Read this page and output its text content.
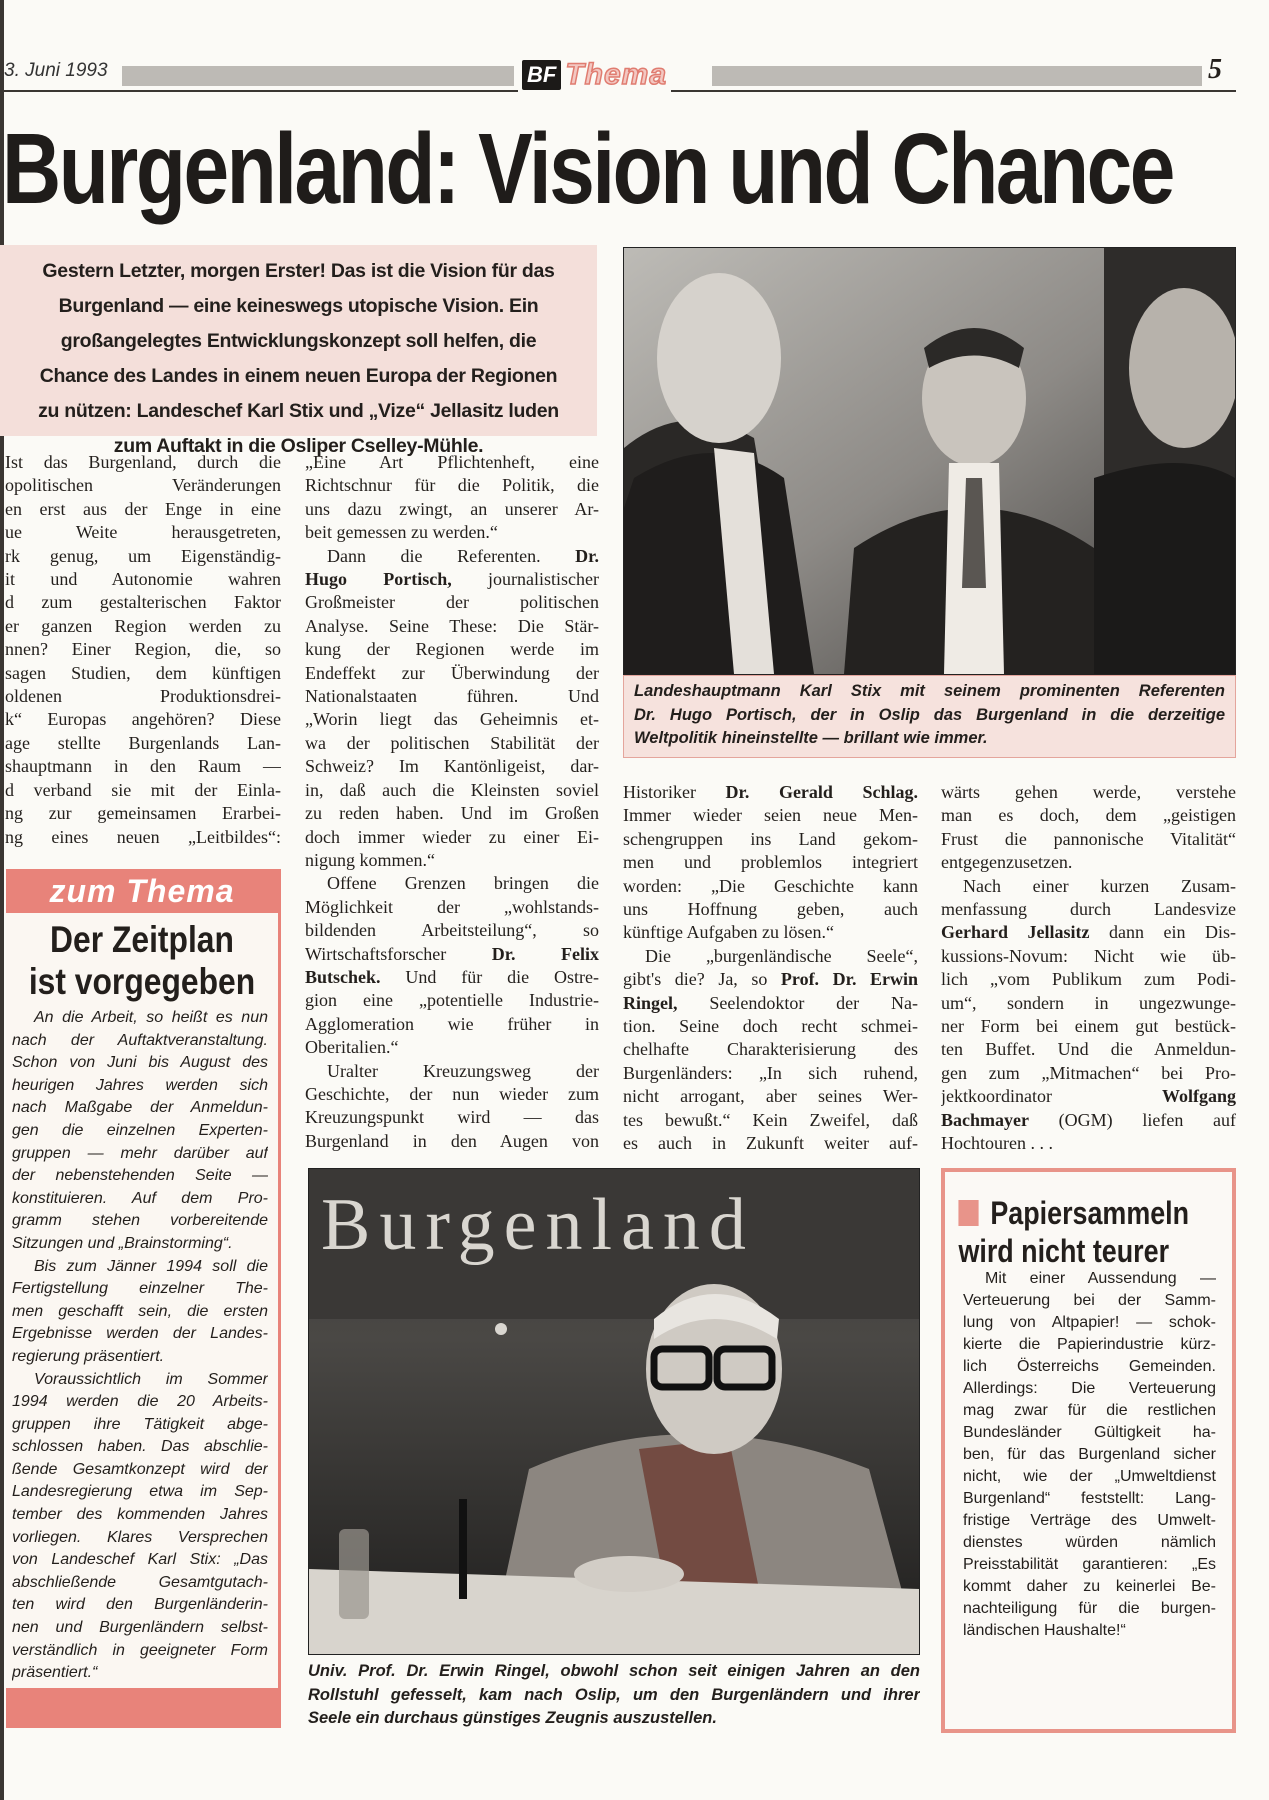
3. Juni 1993	BF Thema	5
Burgenland: Vision und Chance
Gestern Letzter, morgen Erster! Das ist die Vision für das
Burgenland — eine keineswegs utopische Vision. Ein
großangelegtes Entwicklungskonzept soll helfen, die
Chance des Landes in einem neuen Europa der Regionen
zu nützen: Landeschef Karl Stix und „Vize“ Jellasitz luden
zum Auftakt in die Osliper Cselley-Mühle.
Landeshauptmann Karl Stix mit seinem prominenten Referenten
Dr. Hugo Portisch, der in Oslip das Burgenland in die derzeitige
Weltpolitik hineinstellte — brillant wie immer.
Ist das Burgenland, durch die
opolitischen Veränderungen
en erst aus der Enge in eine
ue Weite herausgetreten,
rk genug, um Eigenständig-
it und Autonomie wahren
d zum gestalterischen Faktor
er ganzen Region werden zu
nnen? Einer Region, die, so
sagen Studien, dem künftigen
oldenen Produktionsdrei-
k“ Europas angehören? Diese
age stellte Burgenlands Lan-
shauptmann in den Raum —
d verband sie mit der Einla-
ng zur gemeinsamen Erarbei-
ng eines neuen „Leitbildes“:
„Eine Art Pflichtenheft, eine
Richtschnur für die Politik, die
uns dazu zwingt, an unserer Ar-
beit gemessen zu werden.“
Dann die Referenten. Dr.
Hugo Portisch, journalistischer
Großmeister der politischen
Analyse. Seine These: Die Stär-
kung der Regionen werde im
Endeffekt zur Überwindung der
Nationalstaaten führen. Und
„Worin liegt das Geheimnis et-
wa der politischen Stabilität der
Schweiz? Im Kantönligeist, dar-
in, daß auch die Kleinsten soviel
zu reden haben. Und im Großen
doch immer wieder zu einer Ei-
nigung kommen.“
Offene Grenzen bringen die
Möglichkeit der „wohlstands-
bildenden Arbeitsteilung“, so
Wirtschaftsforscher Dr. Felix
Butschek. Und für die Ostre-
gion eine „potentielle Industrie-
Agglomeration wie früher in
Oberitalien.“
Uralter Kreuzungsweg der
Geschichte, der nun wieder zum
Kreuzungspunkt wird — das
Burgenland in den Augen von
Historiker Dr. Gerald Schlag.
Immer wieder seien neue Men-
schengruppen ins Land gekom-
men und problemlos integriert
worden: „Die Geschichte kann
uns Hoffnung geben, auch
künftige Aufgaben zu lösen.“
Die „burgenländische Seele“,
gibt's die? Ja, so Prof. Dr. Erwin
Ringel, Seelendoktor der Na-
tion. Seine doch recht schmei-
chelhafte Charakterisierung des
Burgenländers: „In sich ruhend,
nicht arrogant, aber seines Wer-
tes bewußt.“ Kein Zweifel, daß
es auch in Zukunft weiter auf-
wärts gehen werde, verstehe
man es doch, dem „geistigen
Frust die pannonische Vitalität“
entgegenzusetzen.
Nach einer kurzen Zusam-
menfassung durch Landesvize
Gerhard Jellasitz dann ein Dis-
kussions-Novum: Nicht wie üb-
lich „vom Publikum zum Podi-
um“, sondern in ungezwunge-
ner Form bei einem gut bestück-
ten Buffet. Und die Anmeldun-
gen zum „Mitmachen“ bei Pro-
jektkoordinator Wolfgang
Bachmayer (OGM) liefen auf
Hochtouren . . .
zum Thema
Der Zeitplan
ist vorgegeben
An die Arbeit, so heißt es nun
nach der Auftaktveranstaltung.
Schon von Juni bis August des
heurigen Jahres werden sich
nach Maßgabe der Anmeldun-
gen die einzelnen Experten-
gruppen — mehr darüber auf
der nebenstehenden Seite —
konstituieren. Auf dem Pro-
gramm stehen vorbereitende
Sitzungen und „Brainstorming“.
Bis zum Jänner 1994 soll die
Fertigstellung einzelner The-
men geschafft sein, die ersten
Ergebnisse werden der Landes-
regierung präsentiert.
Voraussichtlich im Sommer
1994 werden die 20 Arbeits-
gruppen ihre Tätigkeit abge-
schlossen haben. Das abschlie-
ßende Gesamtkonzept wird der
Landesregierung etwa im Sep-
tember des kommenden Jahres
vorliegen. Klares Versprechen
von Landeschef Karl Stix: „Das
abschließende Gesamtgutach-
ten wird den Burgenländerin-
nen und Burgenländern selbst-
verständlich in geeigneter Form
präsentiert.“
Burgenland
Univ. Prof. Dr. Erwin Ringel, obwohl schon seit einigen Jahren an den
Rollstuhl gefesselt, kam nach Oslip, um den Burgenländern und ihrer
Seele ein durchaus günstiges Zeugnis auszustellen.
Papiersammeln
wird nicht teurer
Mit einer Aussendung —
Verteuerung bei der Samm-
lung von Altpapier! — schok-
kierte die Papierindustrie kürz-
lich Österreichs Gemeinden.
Allerdings: Die Verteuerung
mag zwar für die restlichen
Bundesländer Gültigkeit ha-
ben, für das Burgenland sicher
nicht, wie der „Umweltdienst
Burgenland“ feststellt: Lang-
fristige Verträge des Umwelt-
dienstes würden nämlich
Preisstabilität garantieren: „Es
kommt daher zu keinerlei Be-
nachteiligung für die burgen-
ländischen Haushalte!“
